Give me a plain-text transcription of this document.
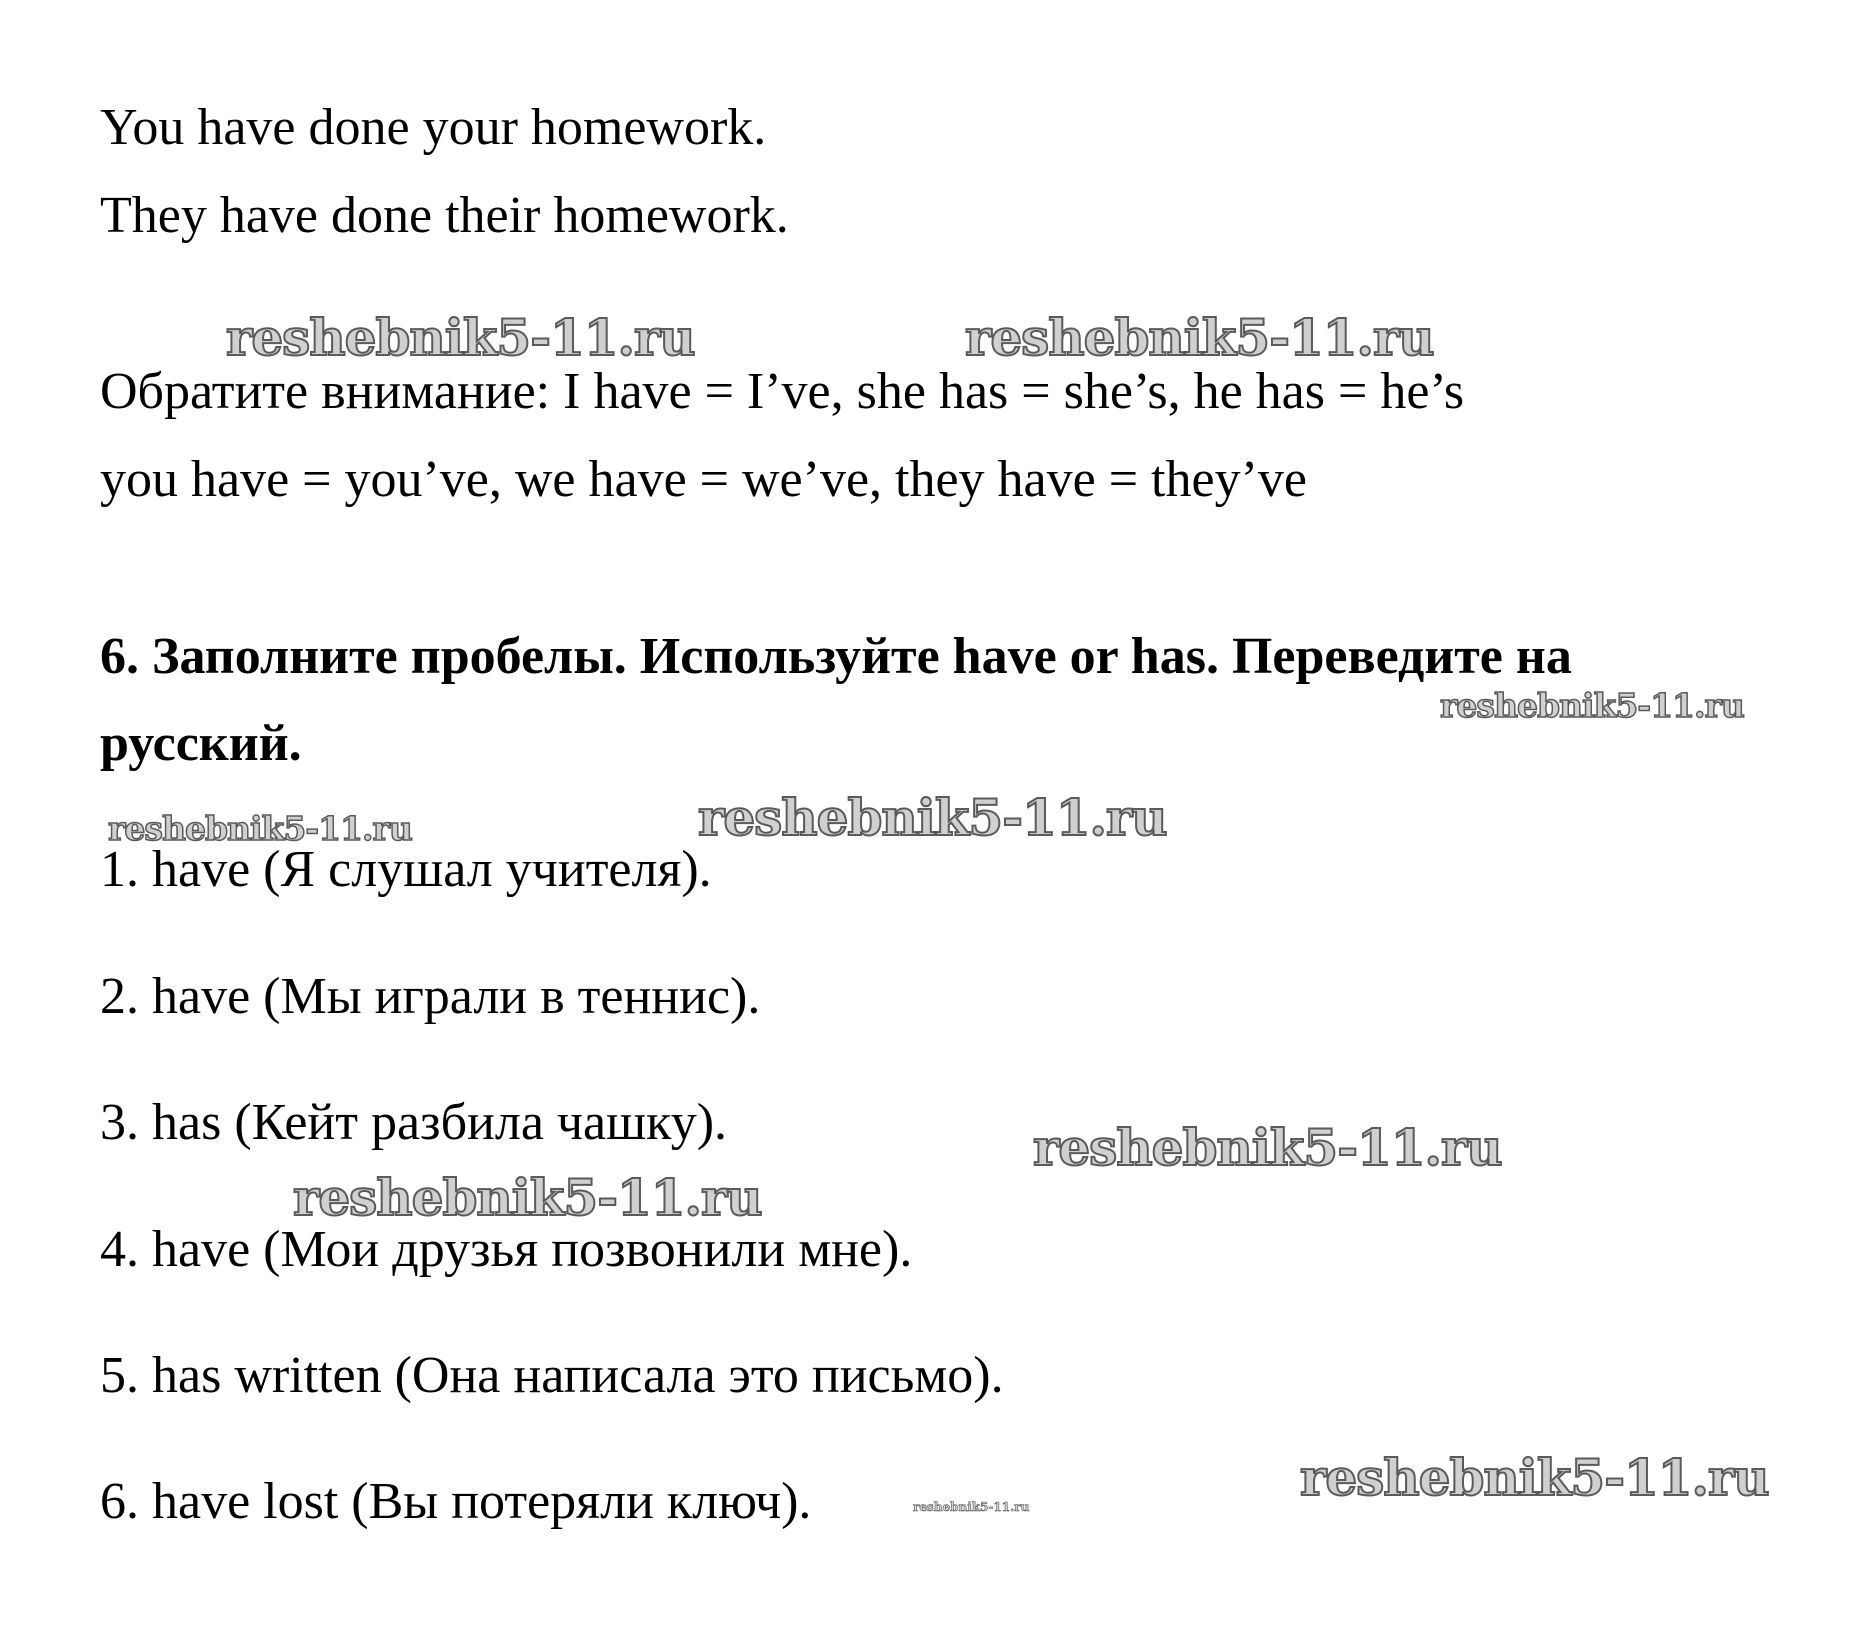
You have done your homework.
They have done their homework.
reshebnik5-11.ru	reshebnik5-11.ru
Обратите внимание: I have = I’ve, she has = she’s, he has = he’s
you have = you’ve, we have = we’ve, they have = they’ve
6. Заполните пробелы. Используйте have or has. Переведите на
reshebnik5-11.ru
русский.
reshebnik5-11.ru	reshebnik5-11.ru
1. have (Я слушал учителя).
2. have (Мы играли в теннис).
3. has (Кейт разбила чашку).	reshebnik5-11.ru
reshebnik5-11.ru
4. have (Мои друзья позвонили мне).
5. has written (Она написала это письмо).
reshebnik5-11.ru
6. have lost (Вы потеряли ключ).	reshebnik5-11.ru
